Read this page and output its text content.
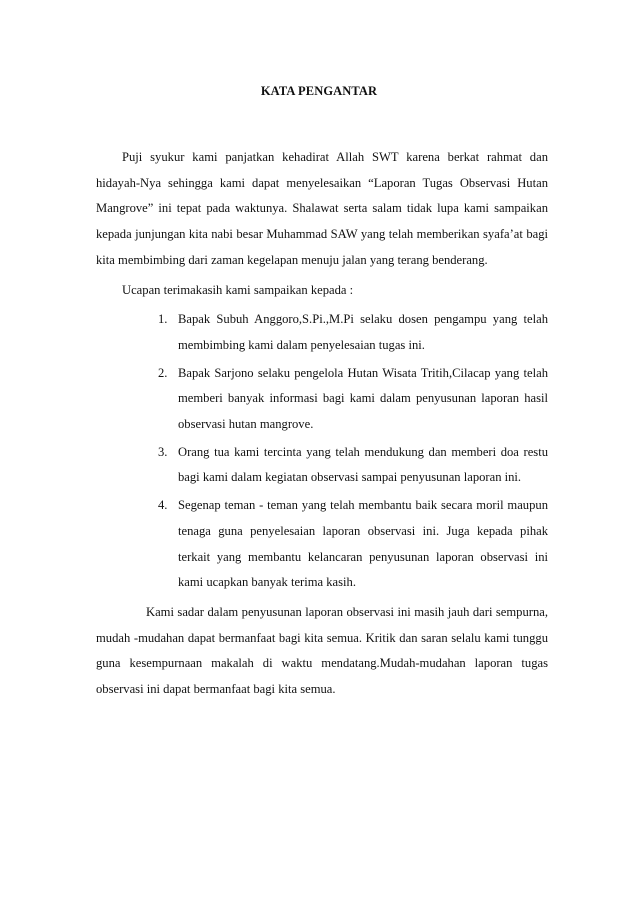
KATA PENGANTAR

Puji syukur kami panjatkan kehadirat Allah SWT karena berkat rahmat dan hidayah-Nya sehingga kami dapat menyelesaikan “Laporan Tugas Observasi Hutan Mangrove” ini tepat pada waktunya. Shalawat serta salam tidak lupa kami sampaikan kepada junjungan kita nabi besar Muhammad SAW yang telah memberikan syafa’at bagi kita membimbing dari zaman kegelapan menuju jalan yang terang benderang.

Ucapan terimakasih kami sampaikan kepada :

1. Bapak Subuh Anggoro,S.Pi.,M.Pi selaku dosen pengampu yang telah membimbing kami dalam penyelesaian tugas ini.
2. Bapak Sarjono selaku pengelola Hutan Wisata Tritih,Cilacap yang telah memberi banyak informasi bagi kami dalam penyusunan laporan hasil observasi hutan mangrove.
3. Orang tua kami tercinta yang telah mendukung dan memberi doa restu bagi kami dalam kegiatan observasi sampai penyusunan laporan ini.
4. Segenap teman - teman yang telah membantu baik secara moril maupun tenaga guna penyelesaian laporan observasi ini. Juga kepada pihak terkait yang membantu kelancaran penyusunan laporan observasi ini kami ucapkan banyak terima kasih.

Kami sadar dalam penyusunan laporan observasi ini masih jauh dari sempurna, mudah -mudahan dapat bermanfaat bagi kita semua. Kritik dan saran selalu kami tunggu guna kesempurnaan makalah di waktu mendatang.Mudah-mudahan laporan tugas observasi ini dapat bermanfaat bagi kita semua.
